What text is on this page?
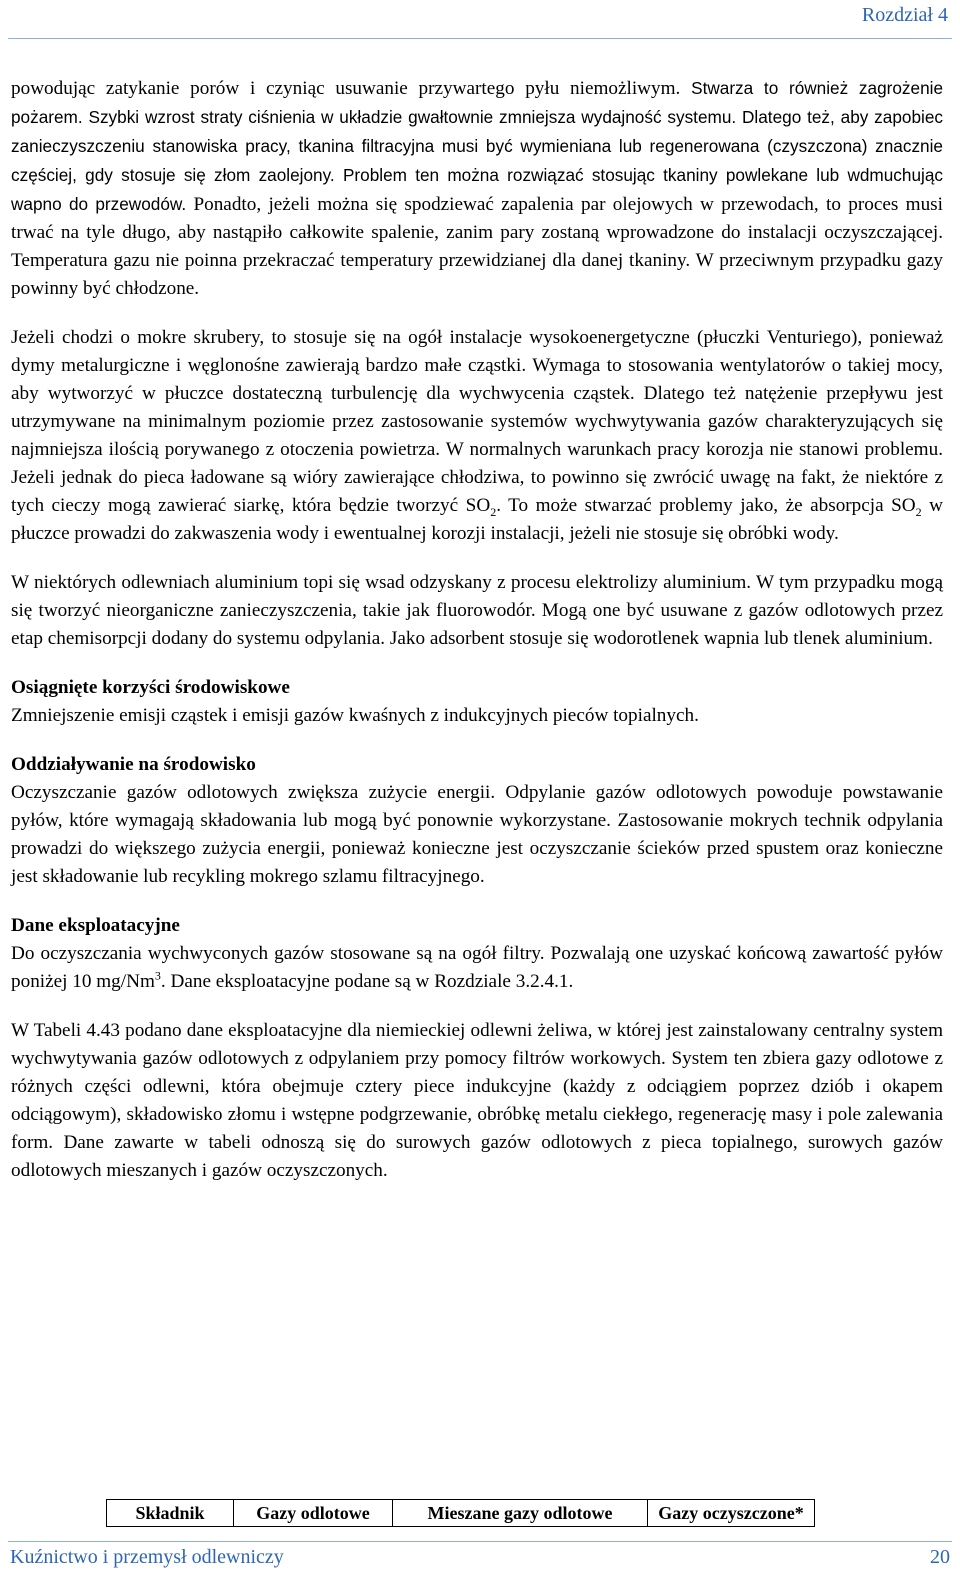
Rozdział 4

powodując zatykanie porów i czyniąc usuwanie przywartego pyłu niemożliwym. Stwarza to również zagrożenie pożarem. Szybki wzrost straty ciśnienia w układzie gwałtownie zmniejsza wydajność systemu. Dlatego też, aby zapobiec zanieczyszczeniu stanowiska pracy, tkanina filtracyjna musi być wymieniana lub regenerowana (czyszczona) znacznie częściej, gdy stosuje się złom zaolejony. Problem ten można rozwiązać stosując tkaniny powlekane lub wdmuchując wapno do przewodów. Ponadto, jeżeli można się spodziewać zapalenia par olejowych w przewodach, to proces musi trwać na tyle długo, aby nastąpiło całkowite spalenie, zanim pary zostaną wprowadzone do instalacji oczyszczającej. Temperatura gazu nie poinna przekraczać temperatury przewidzianej dla danej tkaniny. W przeciwnym przypadku gazy powinny być chłodzone.

Jeżeli chodzi o mokre skrubery, to stosuje się na ogół instalacje wysokoenergetyczne (płuczki Venturiego), ponieważ dymy metalurgiczne i węglonośne zawierają bardzo małe cząstki. Wymaga to stosowania wentylatorów o takiej mocy, aby wytworzyć w płuczce dostateczną turbulencję dla wychwycenia cząstek. Dlatego też natężenie przepływu jest utrzymywane na minimalnym poziomie przez zastosowanie systemów wychwytywania gazów charakteryzujących się najmniejsza ilością porywanego z otoczenia powietrza. W normalnych warunkach pracy korozja nie stanowi problemu. Jeżeli jednak do pieca ładowane są wióry zawierające chłodziwa, to powinno się zwrócić uwagę na fakt, że niektóre z tych cieczy mogą zawierać siarkę, która będzie tworzyć $SO_2$. To może stwarzać problemy jako, że absorpcja $SO_2$ w płuczce prowadzi do zakwaszenia wody i ewentualnej korozji instalacji, jeżeli nie stosuje się obróbki wody.

W niektórych odlewniach aluminium topi się wsad odzyskany z procesu elektrolizy aluminium. W tym przypadku mogą się tworzyć nieorganiczne zanieczyszczenia, takie jak fluorowodór. Mogą one być usuwane z gazów odlotowych przez etap chemisorpcji dodany do systemu odpylania. Jako adsorbent stosuje się wodorotlenek wapnia lub tlenek aluminium.

Osiągnięte korzyści środowiskowe

Zmniejszenie emisji cząstek i emisji gazów kwaśnych z indukcyjnych pieców topialnych.

Oddziaływanie na środowisko

Oczyszczanie gazów odlotowych zwiększa zużycie energii. Odpylanie gazów odlotowych powoduje powstawanie pyłów, które wymagają składowania lub mogą być ponownie wykorzystane. Zastosowanie mokrych technik odpylania prowadzi do większego zużycia energii, ponieważ konieczne jest oczyszczanie ścieków przed spustem oraz konieczne jest składowanie lub recykling mokrego szlamu filtracyjnego.

Dane eksploatacyjne

Do oczyszczania wychwyconych gazów stosowane są na ogół filtry. Pozwalają one uzyskać końcową zawartość pyłów poniżej 10 mg/Nm$^3$. Dane eksploatacyjne podane są w Rozdziale 3.2.4.1.

W Tabeli 4.43 podano dane eksploatacyjne dla niemieckiej odlewni żeliwa, w której jest zainstalowany centralny system wychwytywania gazów odlotowych z odpylaniem przy pomocy filtrów workowych. System ten zbiera gazy odlotowe z różnych części odlewni, która obejmuje cztery piece indukcyjne (każdy z odciągiem poprzez dziób i okapem odciągowym), składowisko złomu i wstępne podgrzewanie, obróbkę metalu ciekłego, regenerację masy i pole zalewania form. Dane zawarte w tabeli odnoszą się do surowych gazów odlotowych z pieca topialnego, surowych gazów odlotowych mieszanych i gazów oczyszczonych.

Składnik	Gazy odlotowe	Mieszane gazy odlotowe	Gazy oczyszczone*
Kuźnictwo i przemysł odlewniczy	20
